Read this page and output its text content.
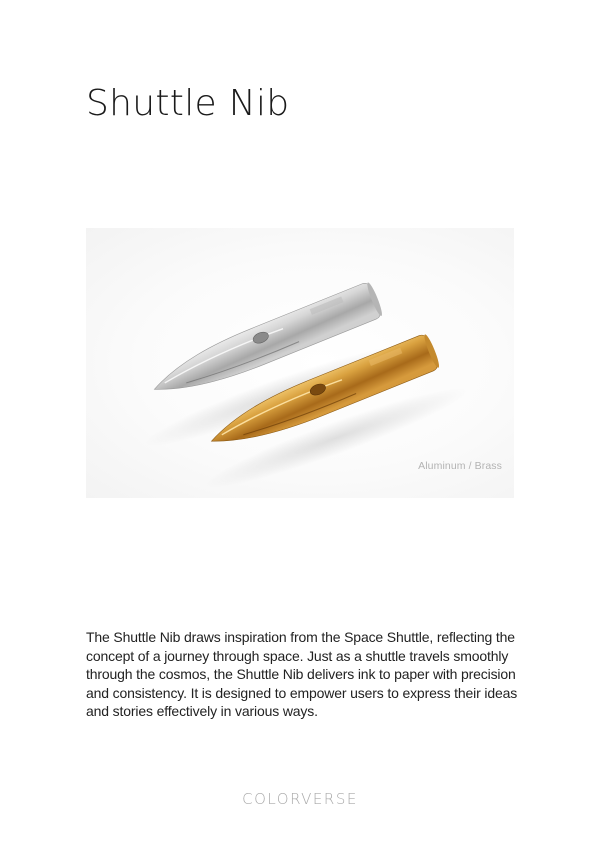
Shuttle Nib
Aluminum / Brass

The Shuttle Nib draws inspiration from the Space Shuttle, reflecting the concept of a journey through space. Just as a shuttle travels smoothly through the cosmos, the Shuttle Nib delivers ink to paper with precision and consistency. It is designed to empower users to express their ideas and stories effectively in various ways.

COLORVERSE
